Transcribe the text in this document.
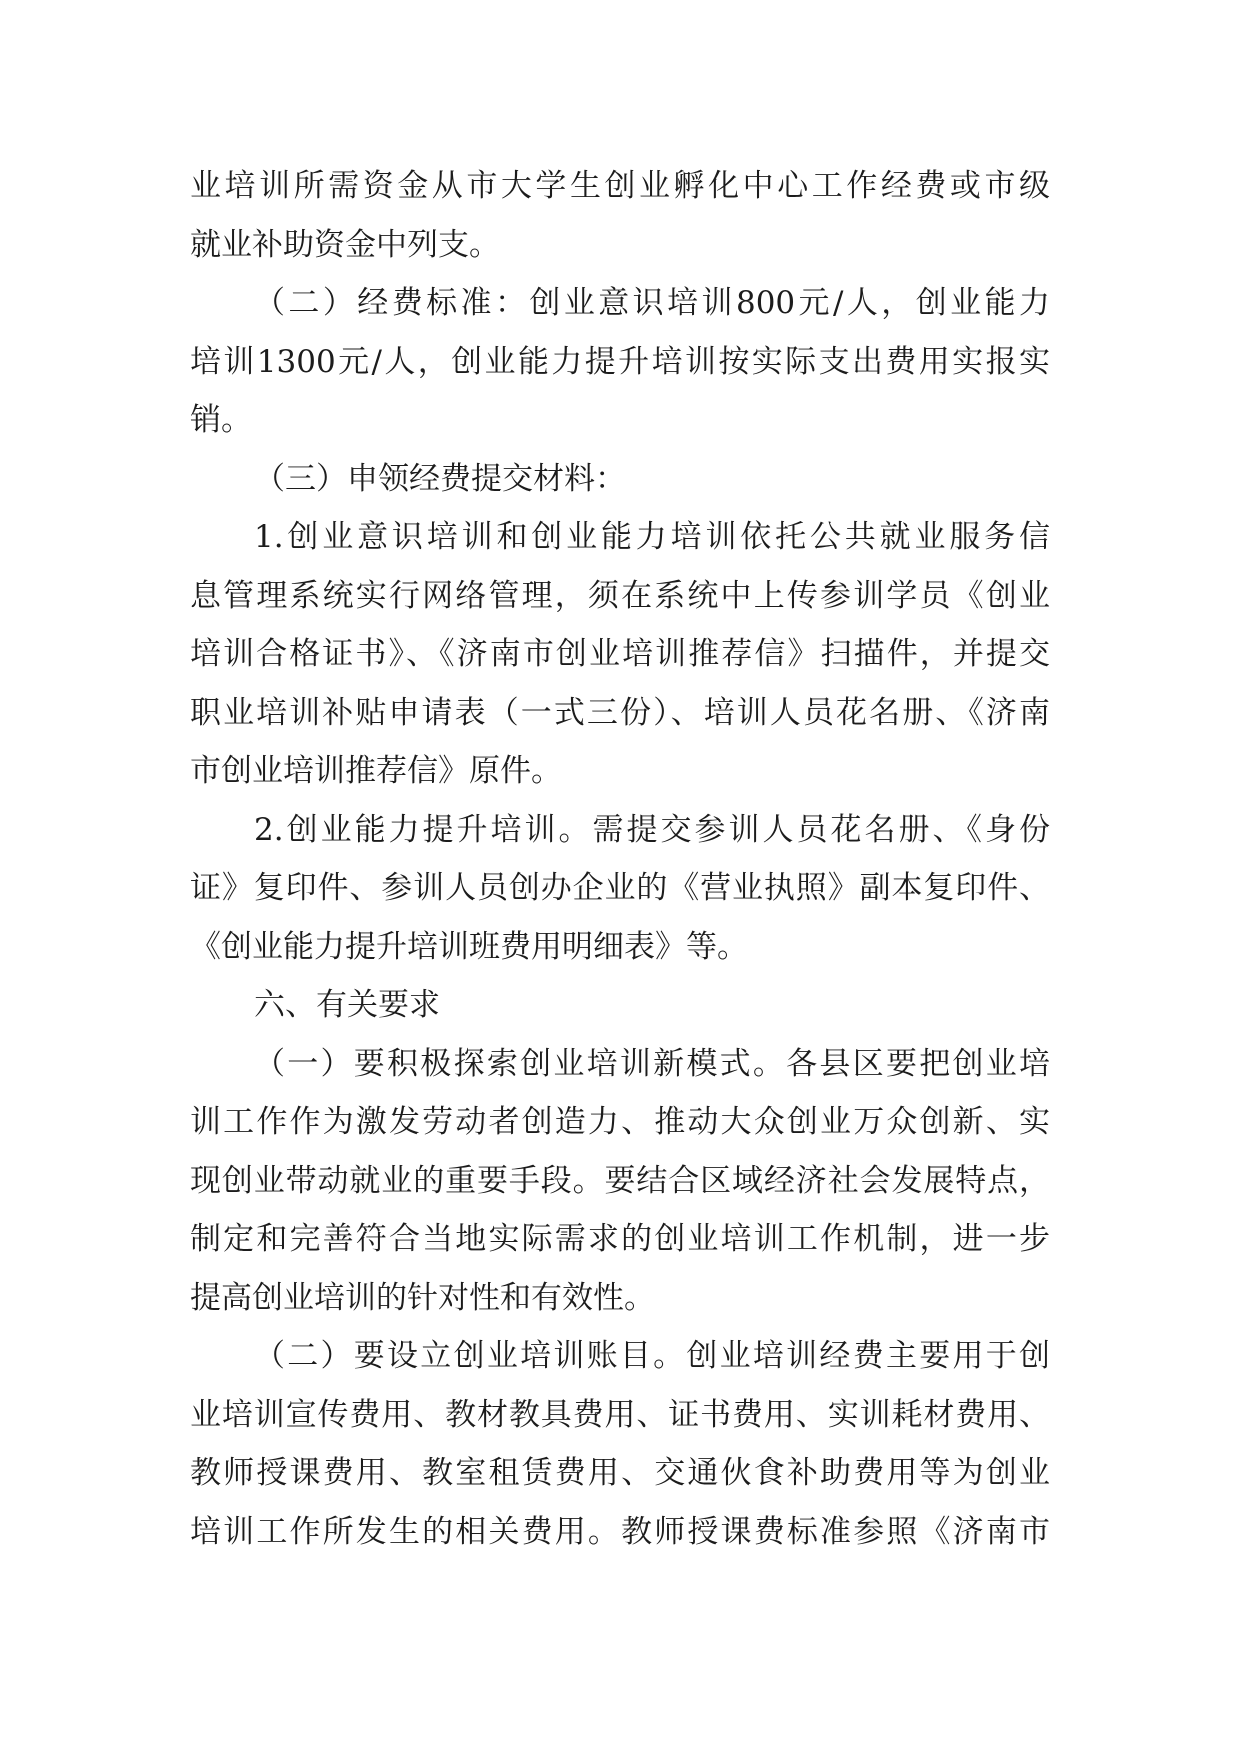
业培训所需资金从市大学生创业孵化中心工作经费或市级
就业补助资金中列支。
（二）经费标准：创业意识培训800元/人，创业能力
培训1300元/人，创业能力提升培训按实际支出费用实报实
销。
（三）申领经费提交材料：
1.创业意识培训和创业能力培训依托公共就业服务信
息管理系统实行网络管理，须在系统中上传参训学员《创业
培训合格证书》、《济南市创业培训推荐信》扫描件，并提交
职业培训补贴申请表（一式三份）、培训人员花名册、《济南
市创业培训推荐信》原件。
2.创业能力提升培训。需提交参训人员花名册、《身份
证》复印件、参训人员创办企业的《营业执照》副本复印件、
《创业能力提升培训班费用明细表》等。
六、有关要求
（一）要积极探索创业培训新模式。各县区要把创业培
训工作作为激发劳动者创造力、推动大众创业万众创新、实
现创业带动就业的重要手段。要结合区域经济社会发展特点，
制定和完善符合当地实际需求的创业培训工作机制，进一步
提高创业培训的针对性和有效性。
（二）要设立创业培训账目。创业培训经费主要用于创
业培训宣传费用、教材教具费用、证书费用、实训耗材费用、
教师授课费用、教室租赁费用、交通伙食补助费用等为创业
培训工作所发生的相关费用。教师授课费标准参照《济南市
